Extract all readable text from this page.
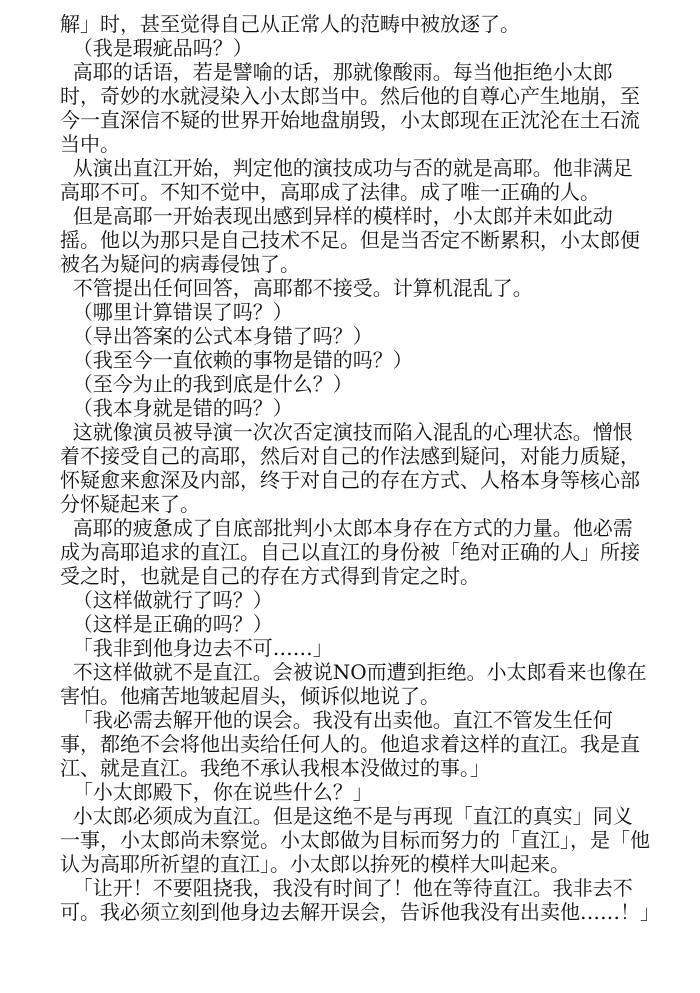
解」时，甚至觉得自己从正常人的范畴中被放逐了。

（我是瑕疵品吗？）

高耶的话语，若是譬喻的话，那就像酸雨。每当他拒绝小太郎时，奇妙的水就浸染入小太郎当中。然后他的自尊心产生地崩，至今一直深信不疑的世界开始地盘崩毁，小太郎现在正沈沦在土石流当中。

从演出直江开始，判定他的演技成功与否的就是高耶。他非满足高耶不可。不知不觉中，高耶成了法律。成了唯一正确的人。

但是高耶一开始表现出感到异样的模样时，小太郎并未如此动摇。他以为那只是自己技术不足。但是当否定不断累积，小太郎便被名为疑问的病毒侵蚀了。

不管提出任何回答，高耶都不接受。计算机混乱了。

（哪里计算错误了吗？）

（导出答案的公式本身错了吗？）

（我至今一直依赖的事物是错的吗？）

（至今为止的我到底是什么？）

（我本身就是错的吗？）

这就像演员被导演一次次否定演技而陷入混乱的心理状态。憎恨着不接受自己的高耶，然后对自己的作法感到疑问，对能力质疑，怀疑愈来愈深及内部，终于对自己的存在方式、人格本身等核心部分怀疑起来了。

高耶的疲惫成了自底部批判小太郎本身存在方式的力量。他必需成为高耶追求的直江。自己以直江的身份被「绝对正确的人」所接受之时，也就是自己的存在方式得到肯定之时。

（这样做就行了吗？）

（这样是正确的吗？）

「我非到他身边去不可……」

不这样做就不是直江。会被说NO而遭到拒绝。小太郎看来也像在害怕。他痛苦地皱起眉头，倾诉似地说了。

「我必需去解开他的误会。我没有出卖他。直江不管发生任何事，都绝不会将他出卖给任何人的。他追求着这样的直江。我是直江、就是直江。我绝不承认我根本没做过的事。」

「小太郎殿下，你在说些什么？」

小太郎必须成为直江。但是这绝不是与再现「直江的真实」同义一事，小太郎尚未察觉。小太郎做为目标而努力的「直江」，是「他认为高耶所祈望的直江」。小太郎以拚死的模样大叫起来。

「让开！不要阻挠我，我没有时间了！他在等待直江。我非去不可。我必须立刻到他身边去解开误会，告诉他我没有出卖他……！」
